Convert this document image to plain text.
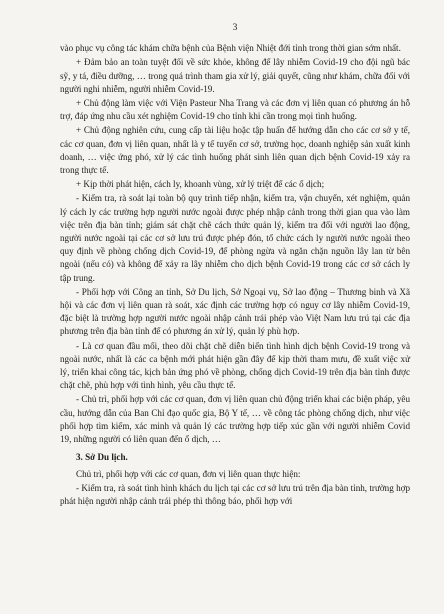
3

vào phục vụ công tác khám chữa bệnh của Bệnh viện Nhiệt đới tỉnh trong thời gian sớm nhất.

+ Đảm bảo an toàn tuyệt đối về sức khỏe, không để lây nhiễm Covid-19 cho đội ngũ bác sỹ, y tá, điều dưỡng, … trong quá trình tham gia xử lý, giải quyết, cũng như khám, chữa đối với người nghi nhiễm, người nhiễm Covid-19.

+ Chủ động làm việc với Viện Pasteur Nha Trang và các đơn vị liên quan có phương án hỗ trợ, đáp ứng nhu cầu xét nghiệm Covid-19 cho tỉnh khi cần trong mọi tình huống.

+ Chủ động nghiên cứu, cung cấp tài liệu hoặc tập huấn để hướng dẫn cho các cơ sở y tế, các cơ quan, đơn vị liên quan, nhất là y tế tuyến cơ sở, trường học, doanh nghiệp sản xuất kinh doanh, … việc ứng phó, xử lý các tình huống phát sinh liên quan dịch bệnh Covid-19 xảy ra trong thực tế.

+ Kịp thời phát hiện, cách ly, khoanh vùng, xử lý triệt để các ổ dịch;

- Kiểm tra, rà soát lại toàn bộ quy trình tiếp nhận, kiểm tra, vận chuyển, xét nghiệm, quản lý cách ly các trường hợp người nước ngoài được phép nhập cảnh trong thời gian qua vào làm việc trên địa bàn tỉnh; giám sát chặt chẽ cách thức quản lý, kiểm tra đối với người lao động, người nước ngoài tại các cơ sở lưu trú được phép đón, tổ chức cách ly người nước ngoài theo quy định về phòng chống dịch Covid-19, để phòng ngừa và ngăn chặn nguồn lây lan từ bên ngoài (nếu có) và không để xảy ra lây nhiễm cho dịch bệnh Covid-19 trong các cơ sở cách ly tập trung.

- Phối hợp với Công an tỉnh, Sở Du lịch, Sở Ngoại vụ, Sở lao động – Thương binh và Xã hội và các đơn vị liên quan rà soát, xác định các trường hợp có nguy cơ lây nhiễm Covid-19, đặc biệt là trường hợp người nước ngoài nhập cảnh trái phép vào Việt Nam lưu trú tại các địa phương trên địa bàn tỉnh để có phương án xử lý, quản lý phù hợp.

- Là cơ quan đầu mối, theo dõi chặt chẽ diễn biến tình hình dịch bệnh Covid-19 trong và ngoài nước, nhất là các ca bệnh mới phát hiện gần đây để kịp thời tham mưu, đề xuất việc xử lý, triển khai công tác, kịch bản ứng phó về phòng, chống dịch Covid-19 trên địa bàn tỉnh được chặt chẽ, phù hợp với tình hình, yêu cầu thực tế.

- Chủ trì, phối hợp với các cơ quan, đơn vị liên quan chủ động triển khai các biện pháp, yêu cầu, hướng dẫn của Ban Chỉ đạo quốc gia, Bộ Y tế, … về công tác phòng chống dịch, như việc phối hợp tìm kiếm, xác minh và quản lý các trường hợp tiếp xúc gần với người nhiễm Covid 19, những người có liên quan đến ổ dịch, …

3. Sở Du lịch.

Chủ trì, phối hợp với các cơ quan, đơn vị liên quan thực hiện:

- Kiểm tra, rà soát tình hình khách du lịch tại các cơ sở lưu trú trên địa bàn tỉnh, trường hợp phát hiện người nhập cảnh trái phép thì thông báo, phối hợp với
